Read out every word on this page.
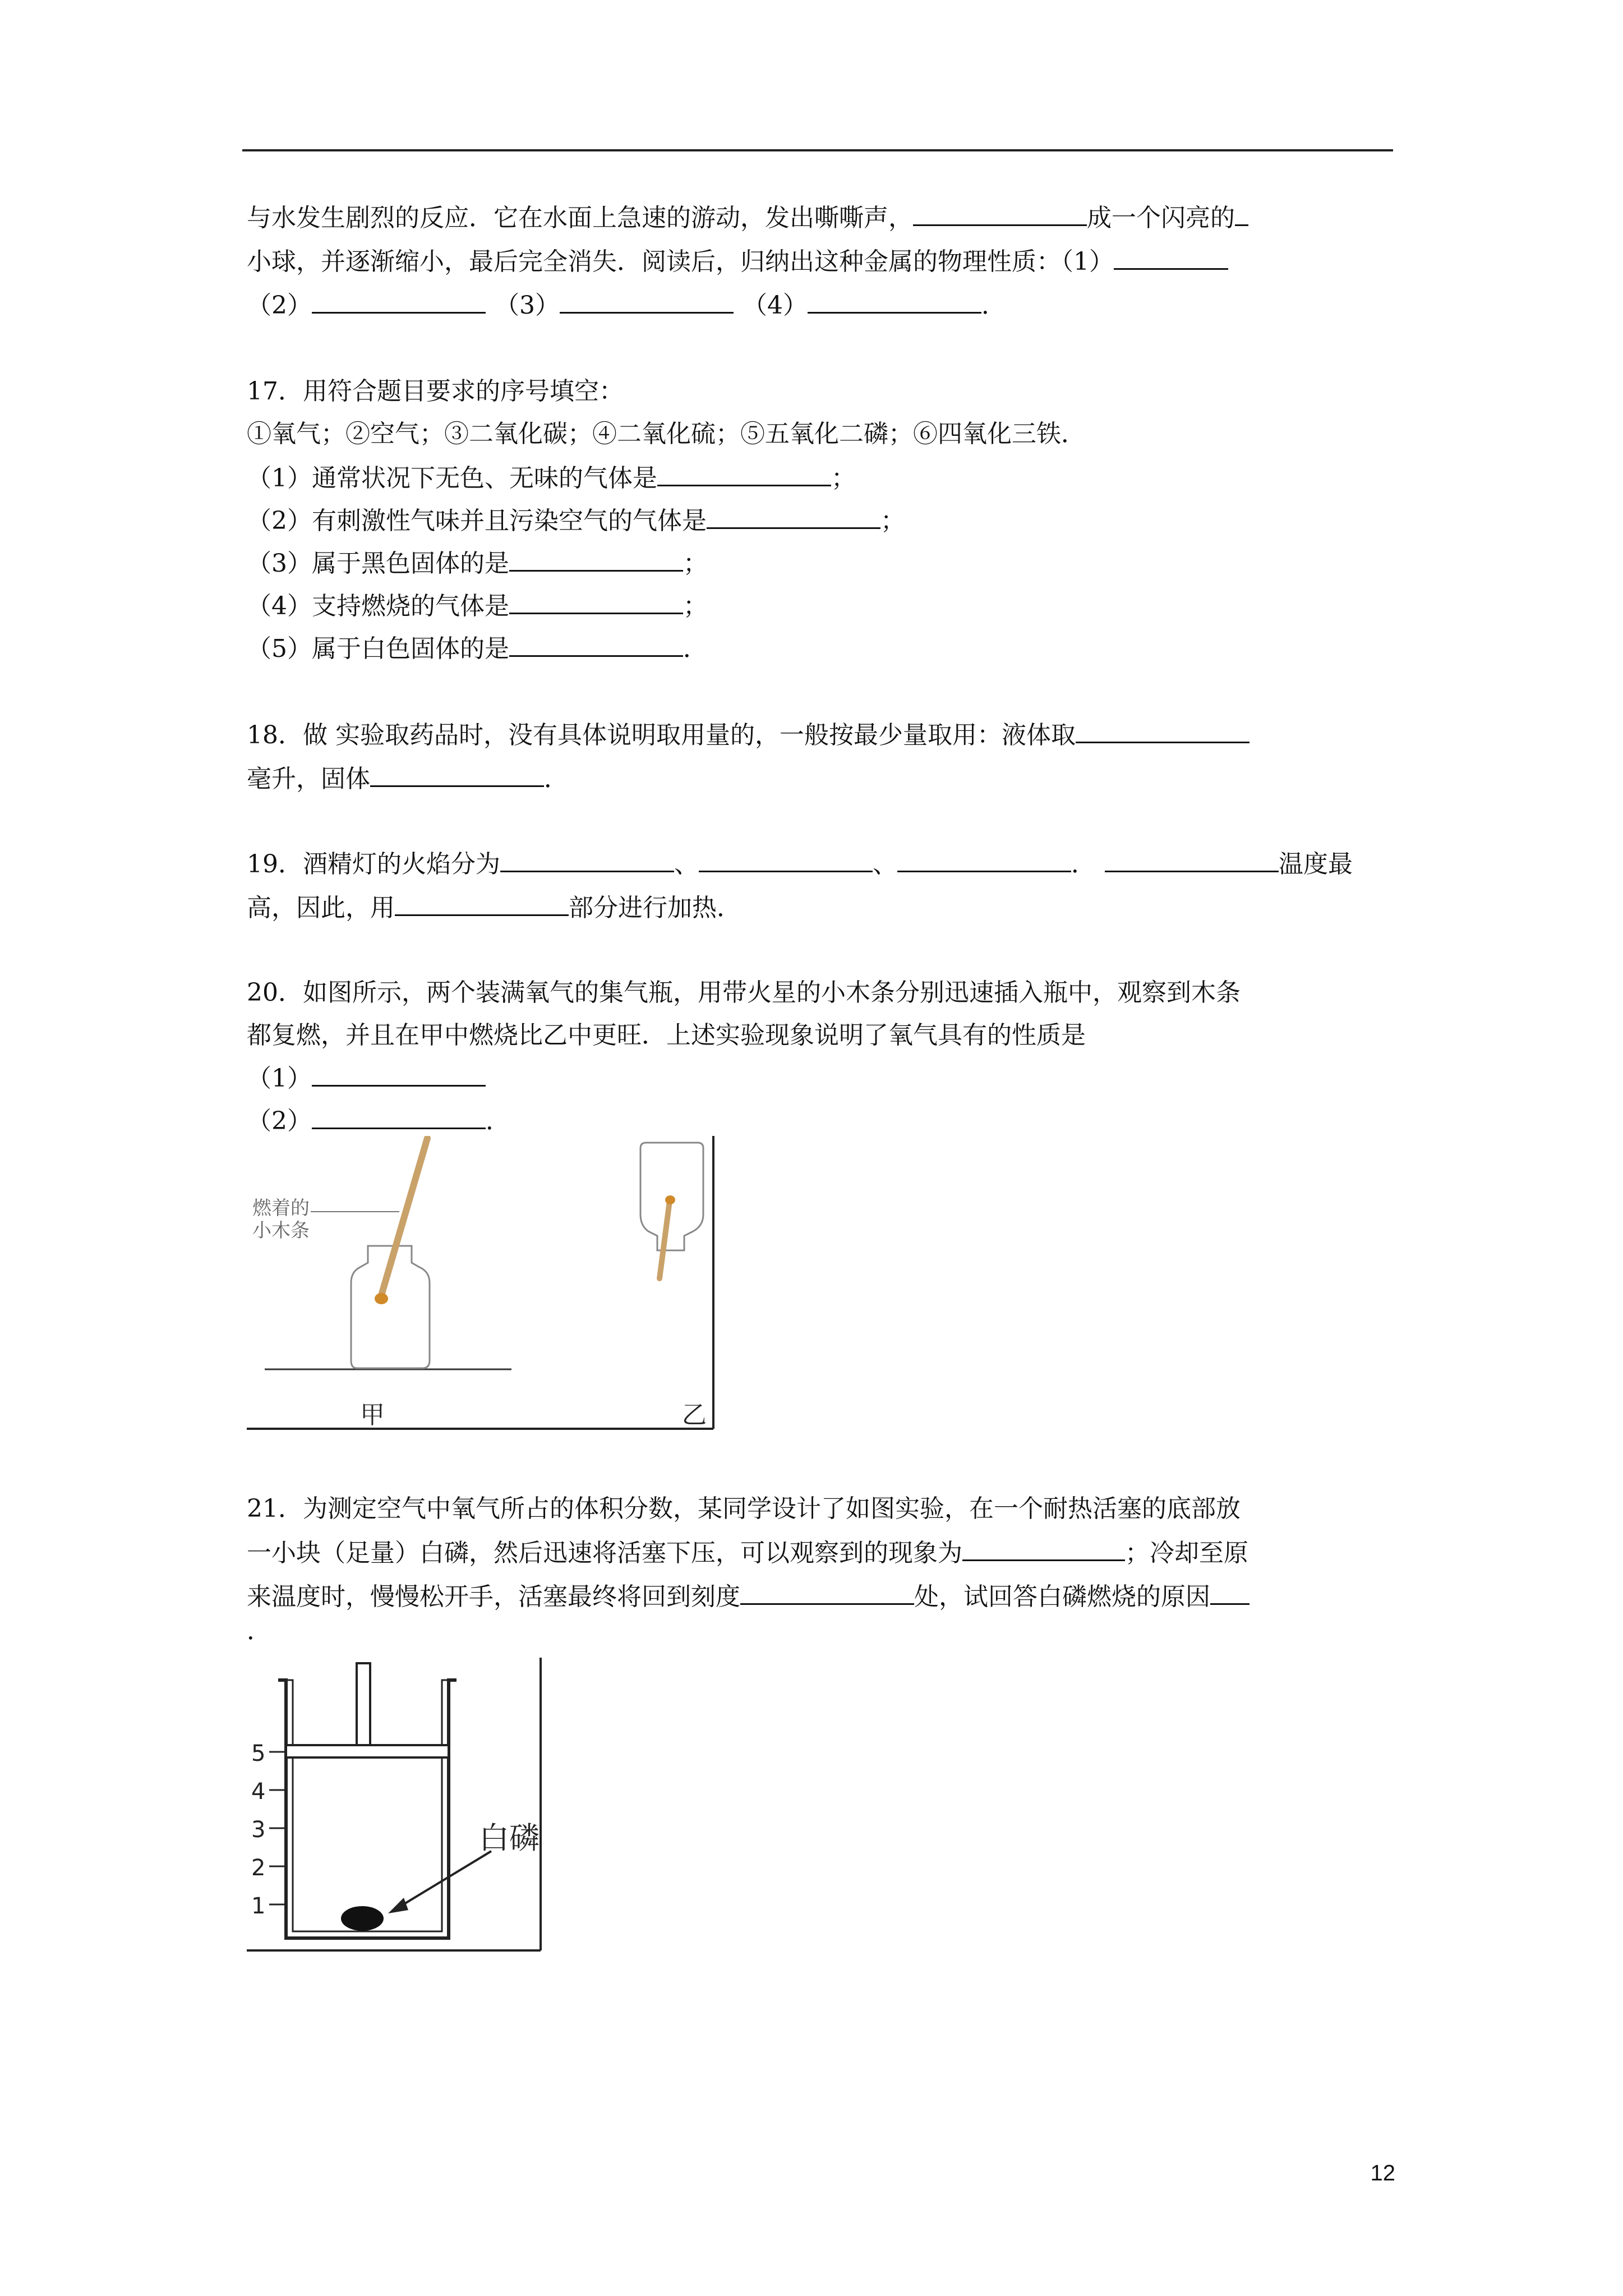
与水发生剧烈的反应．它在水面上急速的游动，发出嘶嘶声，	成一个闪亮的
小球，并逐渐缩小，最后完全消失．阅读后，归纳出这种金属的物理性质：（1）
（2）	（3）	（4）	．
17．用符合题目要求的序号填空：
①氧气；②空气；③二氧化碳；④二氧化硫；⑤五氧化二磷；⑥四氧化三铁．
（1）通常状况下无色、无味的气体是	；
（2）有刺激性气味并且污染空气的气体是	；
（3）属于黑色固体的是	；
（4）支持燃烧的气体是	；
（5）属于白色固体的是	．
18．做 实验取药品时，没有具体说明取用量的，一般按最少量取用：液体取
毫升，固体	．
19．酒精灯的火焰分为	、	、	．	温度最
高，因此，用	部分进行加热．
20．如图所示，两个装满氧气的集气瓶，用带火星的小木条分别迅速插入瓶中，观察到木条
都复燃，并且在甲中燃烧比乙中更旺．上述实验现象说明了氧气具有的性质是
（1）
（2）	．
燃着的
小木条
甲	乙
21．为测定空气中氧气所占的体积分数，某同学设计了如图实验，在一个耐热活塞的底部放
一小块（足量）白磷，然后迅速将活塞下压，可以观察到的现象为	；冷却至原
来温度时，慢慢松开手，活塞最终将回到刻度	处，试回答白磷燃烧的原因
．
5
4
3
2
1
白磷
12
